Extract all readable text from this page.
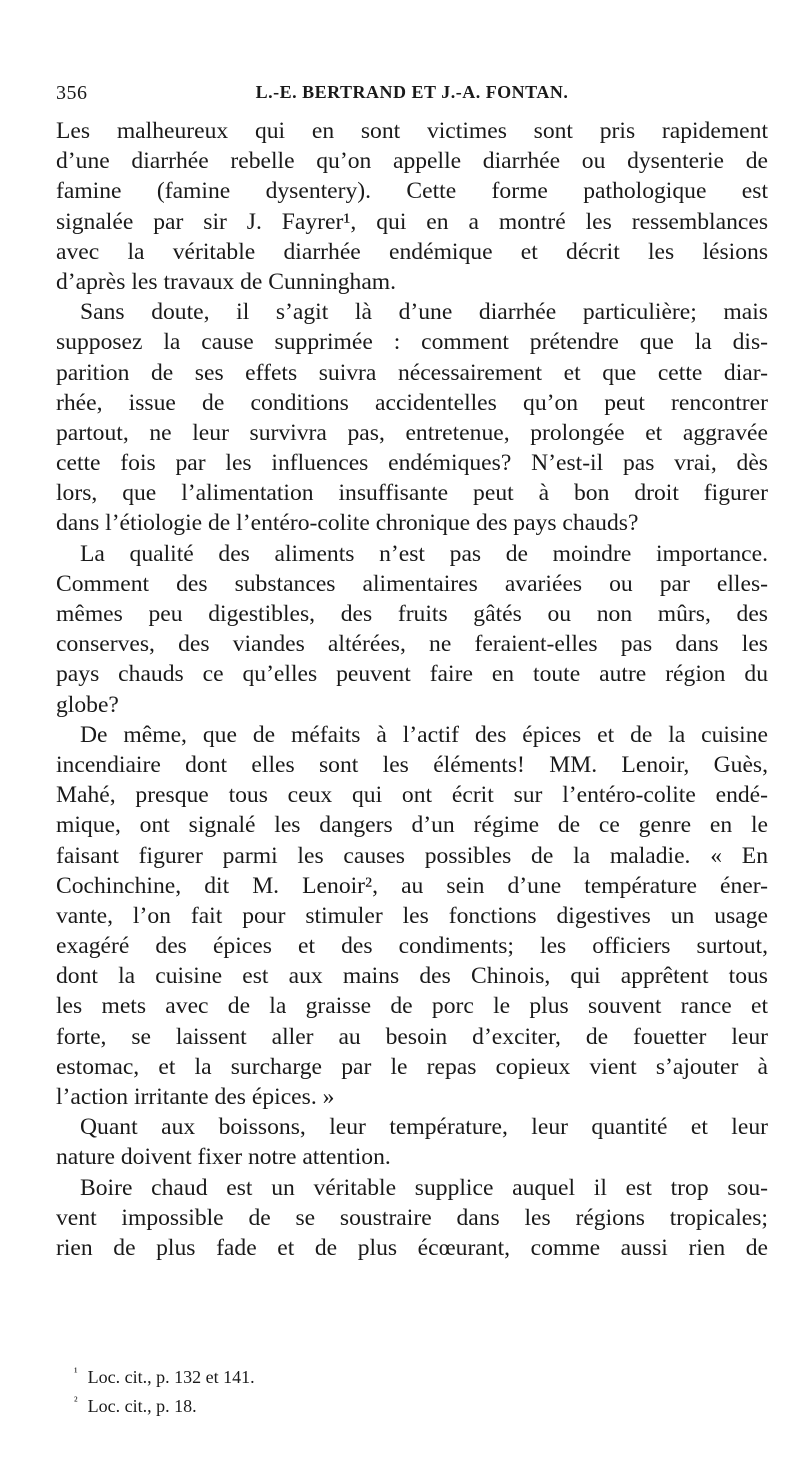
356	L.-E. BERTRAND ET J.-A. FONTAN.
Les malheureux qui en sont victimes sont pris rapidement
d’une diarrhée rebelle qu’on appelle diarrhée ou dysenterie de
famine (famine dysentery). Cette forme pathologique est
signalée par sir J. Fayrer¹, qui en a montré les ressemblances
avec la véritable diarrhée endémique et décrit les lésions
d’après les travaux de Cunningham.
Sans doute, il s’agit là d’une diarrhée particulière; mais
supposez la cause supprimée : comment prétendre que la dis-
parition de ses effets suivra nécessairement et que cette diar-
rhée, issue de conditions accidentelles qu’on peut rencontrer
partout, ne leur survivra pas, entretenue, prolongée et aggravée
cette fois par les influences endémiques? N’est-il pas vrai, dès
lors, que l’alimentation insuffisante peut à bon droit figurer
dans l’étiologie de l’entéro-colite chronique des pays chauds?
La qualité des aliments n’est pas de moindre importance.
Comment des substances alimentaires avariées ou par elles-
mêmes peu digestibles, des fruits gâtés ou non mûrs, des
conserves, des viandes altérées, ne feraient-elles pas dans les
pays chauds ce qu’elles peuvent faire en toute autre région du
globe?
De même, que de méfaits à l’actif des épices et de la cuisine
incendiaire dont elles sont les éléments! MM. Lenoir, Guès,
Mahé, presque tous ceux qui ont écrit sur l’entéro-colite endé-
mique, ont signalé les dangers d’un régime de ce genre en le
faisant figurer parmi les causes possibles de la maladie. « En
Cochinchine, dit M. Lenoir², au sein d’une température éner-
vante, l’on fait pour stimuler les fonctions digestives un usage
exagéré des épices et des condiments; les officiers surtout,
dont la cuisine est aux mains des Chinois, qui apprêtent tous
les mets avec de la graisse de porc le plus souvent rance et
forte, se laissent aller au besoin d’exciter, de fouetter leur
estomac, et la surcharge par le repas copieux vient s’ajouter à
l’action irritante des épices. »
Quant aux boissons, leur température, leur quantité et leur
nature doivent fixer notre attention.
Boire chaud est un véritable supplice auquel il est trop sou-
vent impossible de se soustraire dans les régions tropicales;
rien de plus fade et de plus écœurant, comme aussi rien de
$^{^1}$ Loc. cit., p. 132 et 141.
$^{^2}$ Loc. cit., p. 18.
